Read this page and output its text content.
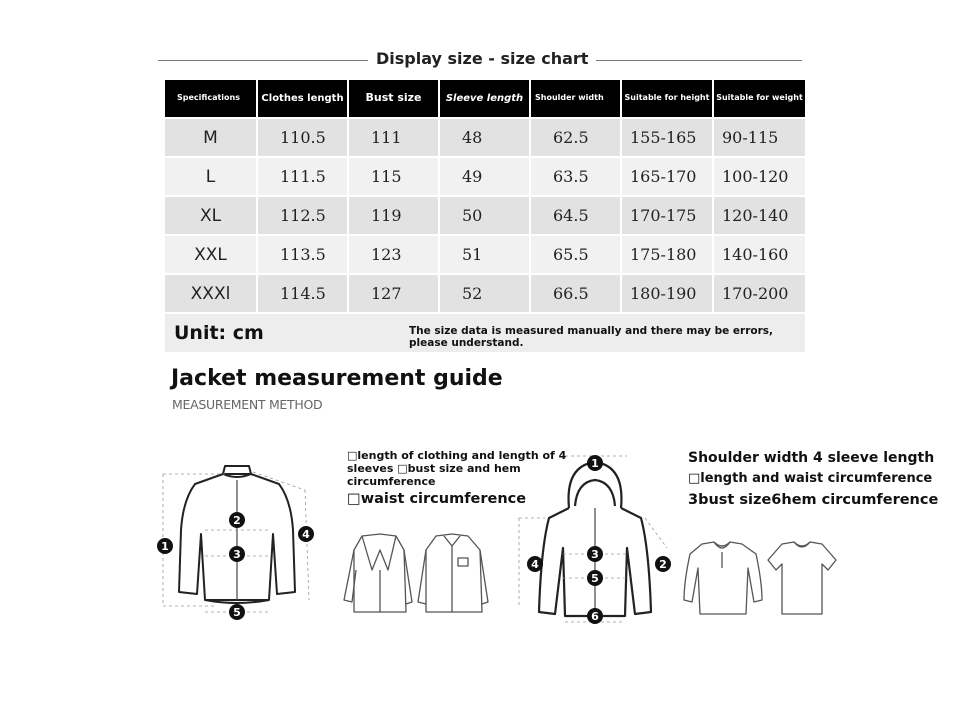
Display size - size chart
Specifications	Clothes length	Bust size	Sleeve length	Shoulder width	Suitable for height	Suitable for weight
M	110.5	111	48	62.5	155-165	90-115
L	111.5	115	49	63.5	165-170	100-120
XL	112.5	119	50	64.5	170-175	120-140
XXL	113.5	123	51	65.5	175-180	140-160
XXXl	114.5	127	52	66.5	180-190	170-200
Unit: cm	The size data is measured manually and there may be errors, please understand.
Jacket measurement guide
MEASUREMENT METHOD
1
2
3
4
5
1
2
3
4
5
6
□length of clothing and length of 4 sleeves □bust size and hem circumference
□waist circumference
Shoulder width 4 sleeve length
□length and waist circumference
3bust size6hem circumference
